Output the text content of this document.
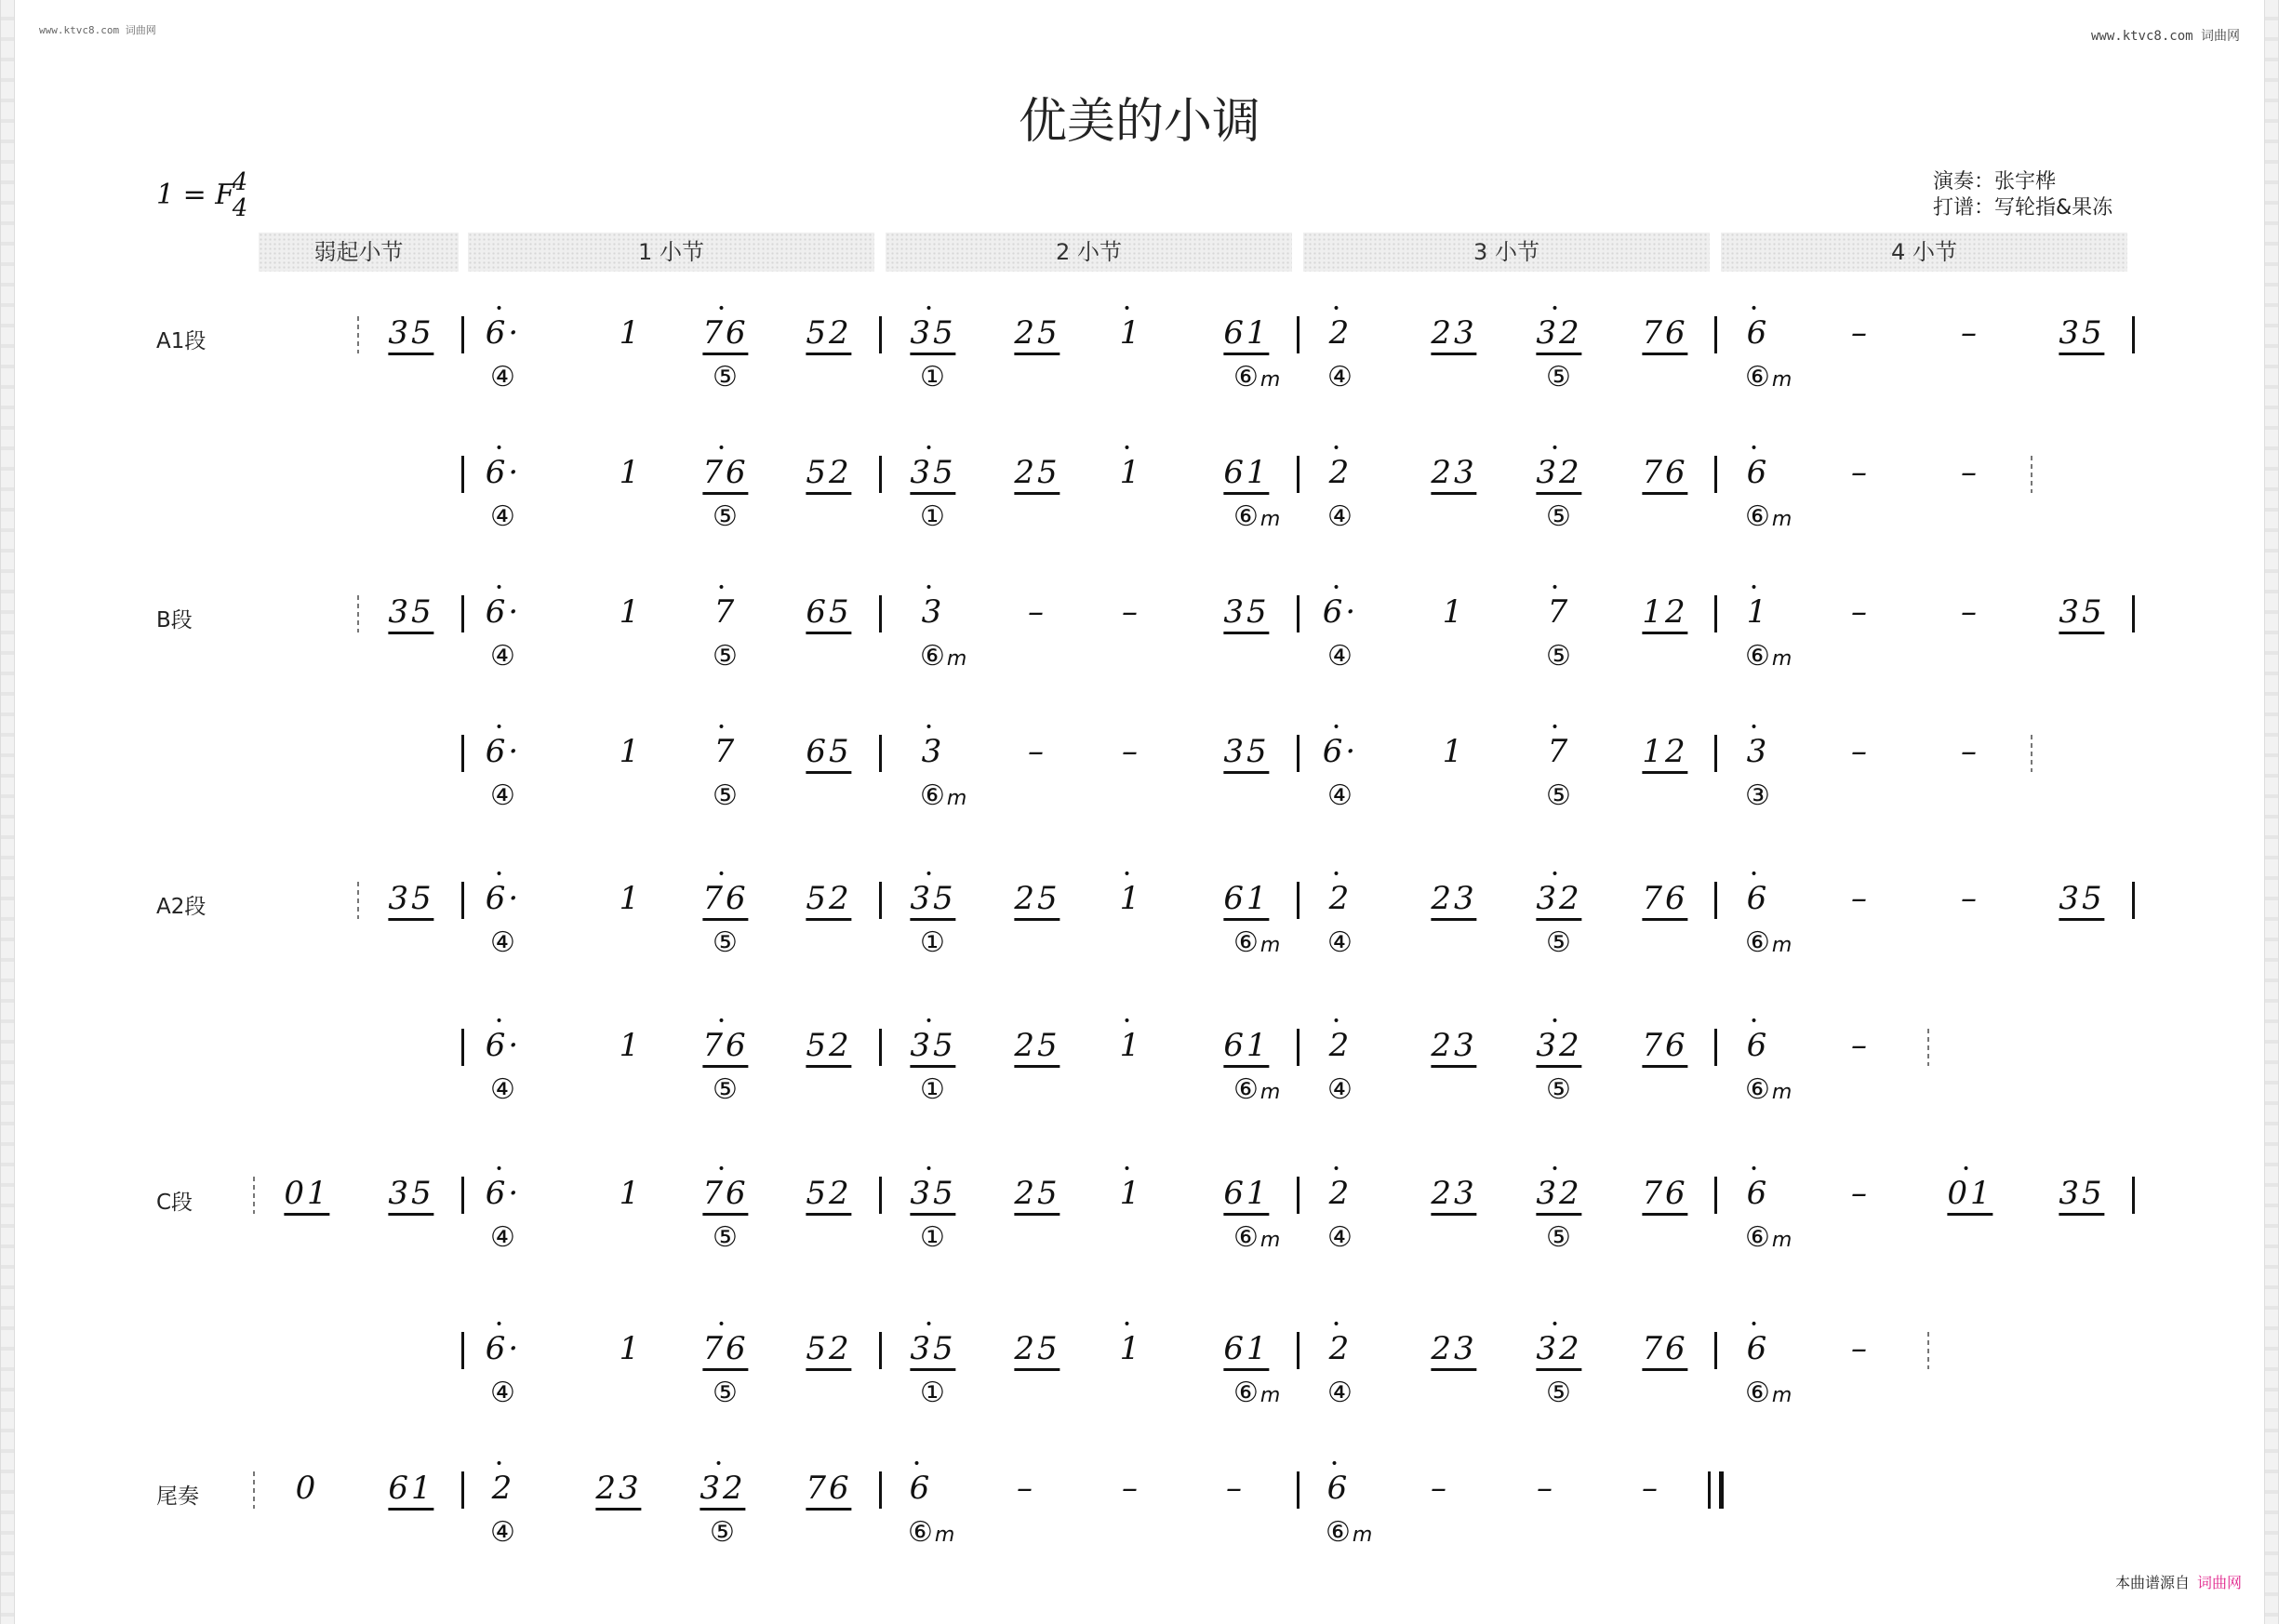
www.ktvc8.com 词曲网	www.ktvc8.com 词曲网
优美的小调
1 = F
4
4
演奏：张宇桦
打谱：写轮指&果冻
弱起小节	1 小节	2 小节	3 小节	4 小节
A1段
B段
A2段
C段
尾奏
35 6·
•
1 76
•
52 35
•
25 1
•
61 2
•
23 32
•
76 6
•
–	–	35
④	⑤	①	⑥m ④	⑤	⑥m
6·
•
1 76
•
52 35
•
25 1
•
61 2
•
23 32
•
76 6
•
–	–
④	⑤	①	⑥m ④	⑤	⑥m
35 6·
•
1 7
•
65 3
•
– –	35 6·
•
1	7
•
12 1
•
–	–	35
④	⑤	⑥m	④	⑤	⑥m
6·
•
1 7
•
65 3
•
– –	35 6·
•
1	7
•
12 3
•
–	–
④	⑤	⑥m	④	⑤	③
35 6·
•
1 76
•
52 35
•
25 1
•
61 2
•
23 32
•
76 6
•
–	–	35
④	⑤	①	⑥m ④	⑤	⑥m
6·
•
1 76
•
52 35
•
25 1
•
61 2
•
23 32
•
76 6
•
–
④	⑤	①	⑥m ④	⑤	⑥m
01 35 6·
•
1 76
•
52 35
•
25 1
•
61 2
•
23 32
•
76 6
•
– 01
•
35
④	⑤	①	⑥m ④	⑤	⑥m
6·
•
1 76
•
52 35
•
25 1
•
61 2
•
23 32
•
76 6
•
–
④	⑤	①	⑥m ④	⑤	⑥m
0 61 2
•
23 32
•
76 6
•
–	–	–	6
•
–	–	–
④	⑤	⑥m	⑥m
本曲谱源自 词曲网
